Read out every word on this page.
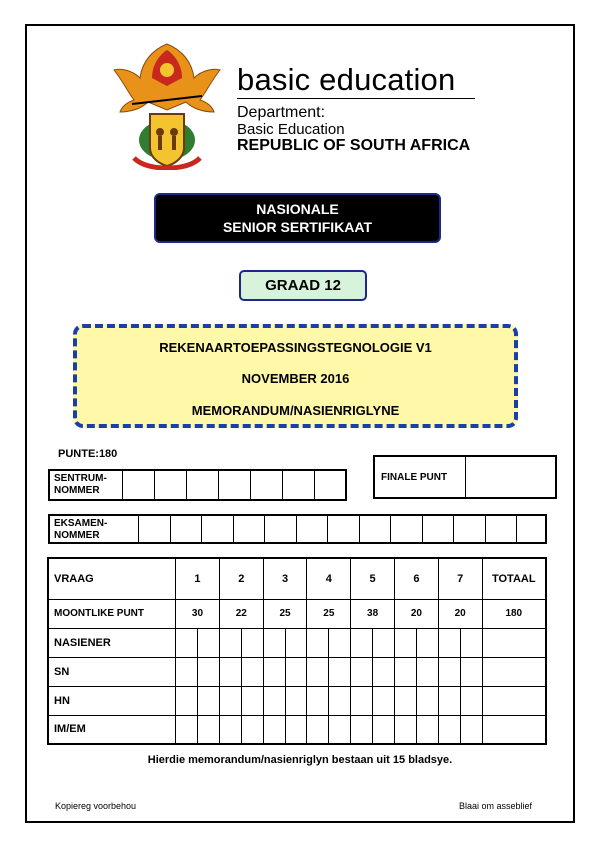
basic education
Department:
Basic Education
REPUBLIC OF SOUTH AFRICA
NASIONALE
SENIOR SERTIFIKAAT
GRAAD 12
REKENAARTOEPASSINGSTEGNOLOGIE V1
NOVEMBER 2016
MEMORANDUM/NASIENRIGLYNE
PUNTE:180
SENTRUM-
NOMMER
FINALE PUNT
EKSAMEN-
NOMMER
VRAAG	1		2		3		4		5		6		7		TOTAAL
MOONTLIKE PUNT	30		22		25		25		38		20		20		180
NASIENER															
SN															
HN															
IM/EM															
Hierdie memorandum/nasienriglyn bestaan uit 15 bladsye.
Kopiereg voorbehou	Blaai om asseblief
